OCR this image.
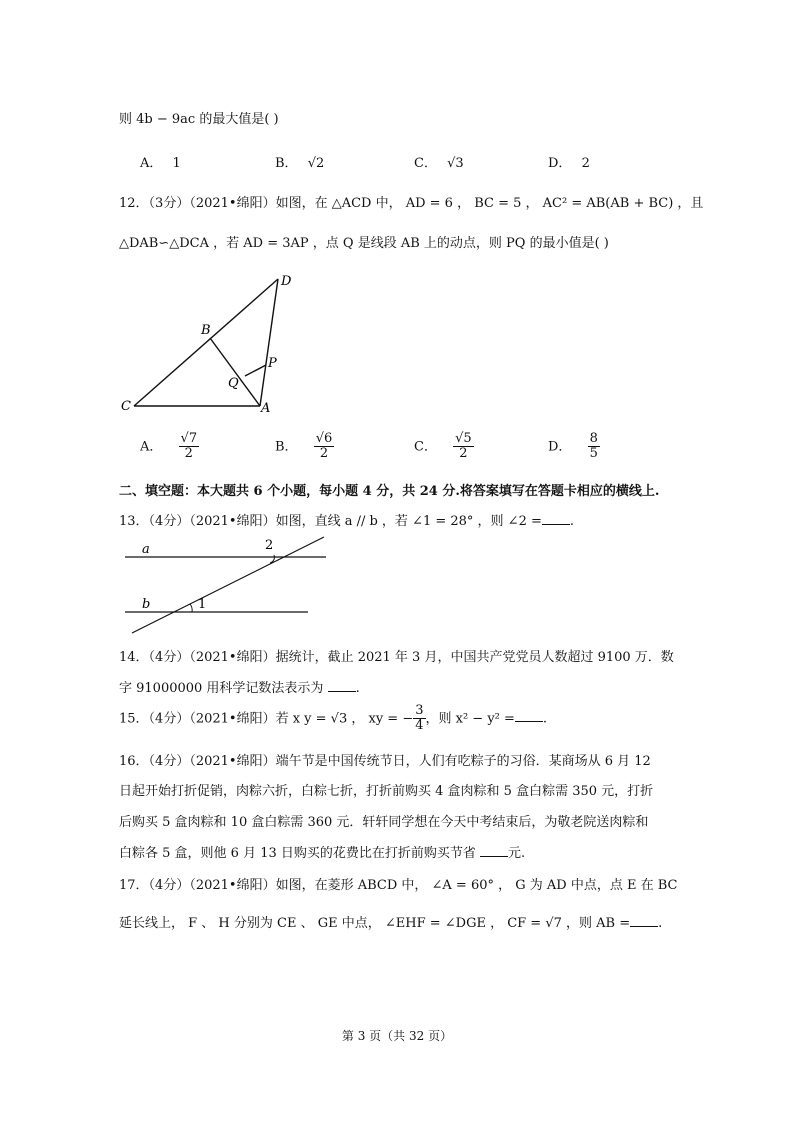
则 4b − 9ac 的最大值是( )
A． 1	B． √2	C． √3	D． 2
12．（3分）（2021•绵阳）如图，在 △ACD 中， AD = 6 ， BC = 5 ， AC² = AB(AB + BC) ，且
△DAB∽△DCA ，若 AD = 3AP ，点 Q 是线段 AB 上的动点，则 PQ 的最小值是( )
D
B
P
Q
C	A
A． $\frac{√7}{2}$	B． $\frac{√6}{2}$	C． $\frac{√5}{2}$	D． $\frac{8}{5}$
二、填空题：本大题共 6 个小题，每小题 4 分，共 24 分.将答案填写在答题卡相应的横线上.
13．（4分）（2021•绵阳）如图，直线 a // b ，若 ∠1 = 28° ，则 ∠2 = .
a	2
b	1
14．（4分）（2021•绵阳）据统计，截止 2021 年 3 月，中国共产党党员人数超过 9100 万．数
字 91000000 用科学记数法表示为 .
15．（4分）（2021•绵阳）若 x y = √3 ， xy = − $\frac{3}{4}$ ，则 x² − y² = .
16．（4分）（2021•绵阳）端午节是中国传统节日，人们有吃粽子的习俗．某商场从 6 月 12
日起开始打折促销，肉粽六折，白粽七折，打折前购买 4 盒肉粽和 5 盒白粽需 350 元，打折
后购买 5 盒肉粽和 10 盒白粽需 360 元．轩轩同学想在今天中考结束后，为敬老院送肉粽和
白粽各 5 盒，则他 6 月 13 日购买的花费比在打折前购买节省 元.
17．（4分）（2021•绵阳）如图，在菱形 ABCD 中， ∠A = 60° ， G 为 AD 中点，点 E 在 BC
延长线上， F 、 H 分别为 CE 、 GE 中点， ∠EHF = ∠DGE ， CF = √7 ，则 AB = .
第 3 页（共 32 页）
